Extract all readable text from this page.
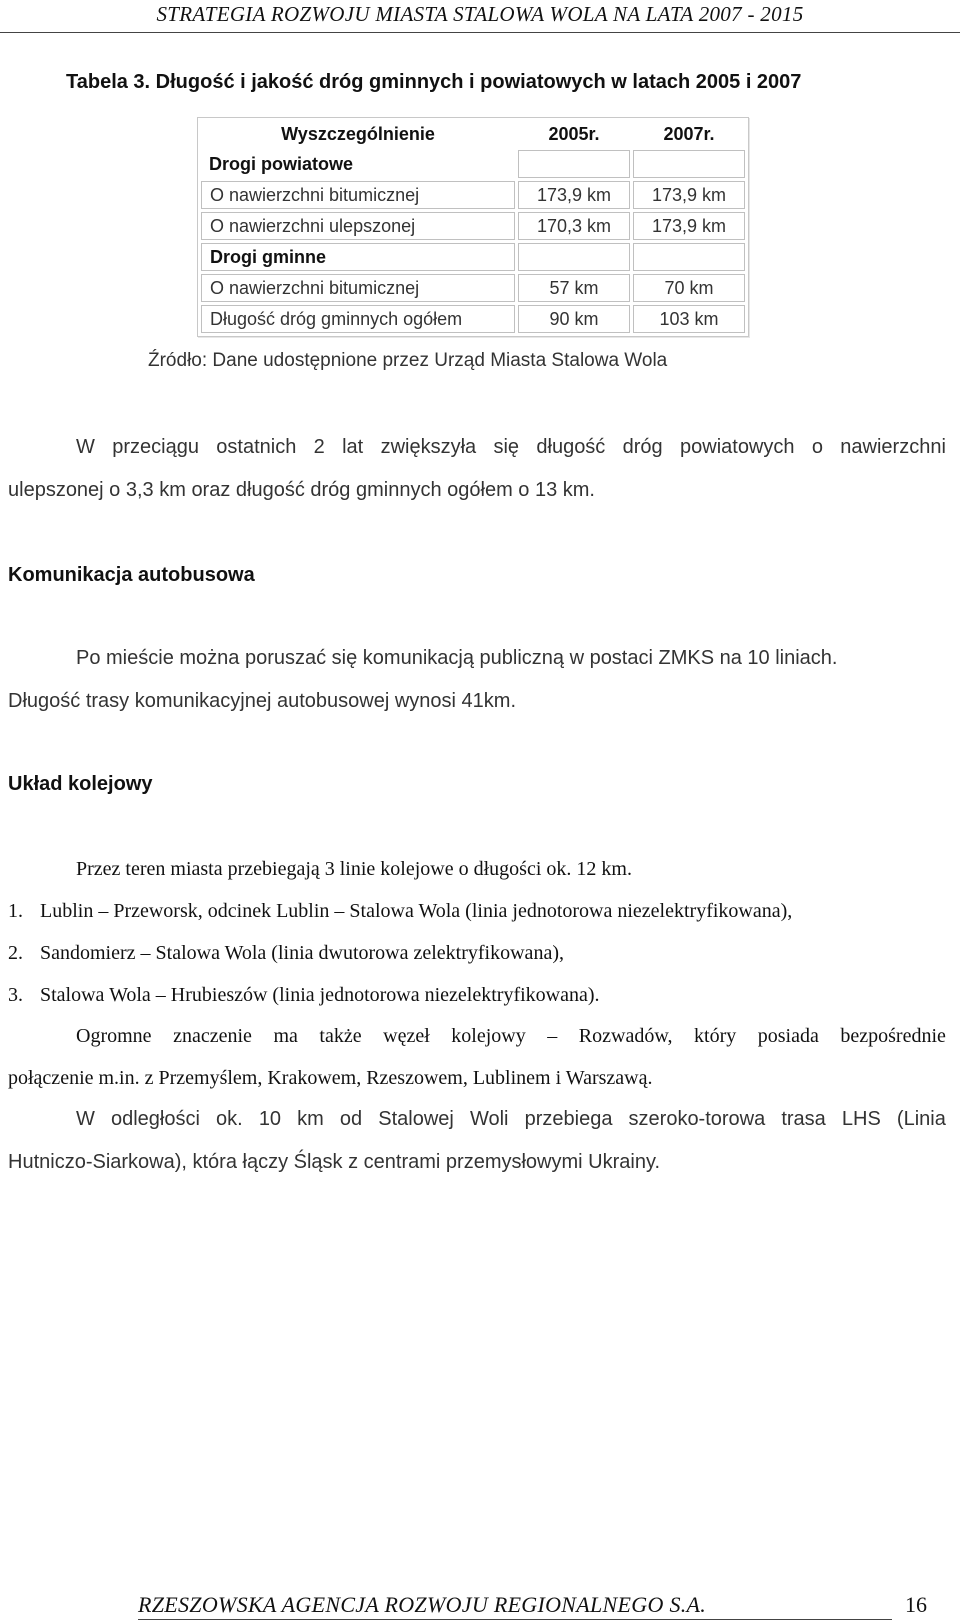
STRATEGIA ROZWOJU MIASTA STALOWA WOLA NA LATA 2007 - 2015
Tabela 3. Długość i jakość dróg gminnych i powiatowych w latach 2005 i 2007
Wyszczególnienie	2005r.	2007r.
Drogi powiatowe		
O nawierzchni bitumicznej	173,9 km	173,9 km
O nawierzchni ulepszonej	170,3 km	173,9 km
Drogi gminne		
O nawierzchni bitumicznej	57 km	70 km
Długość dróg gminnych ogółem	90 km	103 km
Źródło: Dane udostępnione przez Urząd Miasta Stalowa Wola
W przeciągu ostatnich 2 lat zwiększyła się długość dróg powiatowych o nawierzchni
ulepszonej o 3,3 km oraz długość dróg gminnych ogółem o 13 km.
Komunikacja autobusowa
Po mieście można poruszać się komunikacją publiczną w postaci ZMKS na 10 liniach.
Długość trasy komunikacyjnej autobusowej wynosi 41km.
Układ kolejowy
Przez teren miasta przebiegają 3 linie kolejowe o długości ok. 12 km.
1. Lublin – Przeworsk, odcinek Lublin – Stalowa Wola (linia jednotorowa niezelektryfikowana),
2. Sandomierz – Stalowa Wola (linia dwutorowa zelektryfikowana),
3. Stalowa Wola – Hrubieszów (linia jednotorowa niezelektryfikowana).
Ogromne znaczenie ma także węzeł kolejowy – Rozwadów, który posiada bezpośrednie
połączenie m.in. z Przemyślem, Krakowem, Rzeszowem, Lublinem i Warszawą.
W odległości ok. 10 km od Stalowej Woli przebiega szeroko-torowa trasa LHS (Linia
Hutniczo-Siarkowa), która łączy Śląsk z centrami przemysłowymi Ukrainy.
RZESZOWSKA AGENCJA ROZWOJU REGIONALNEGO S.A.	16
